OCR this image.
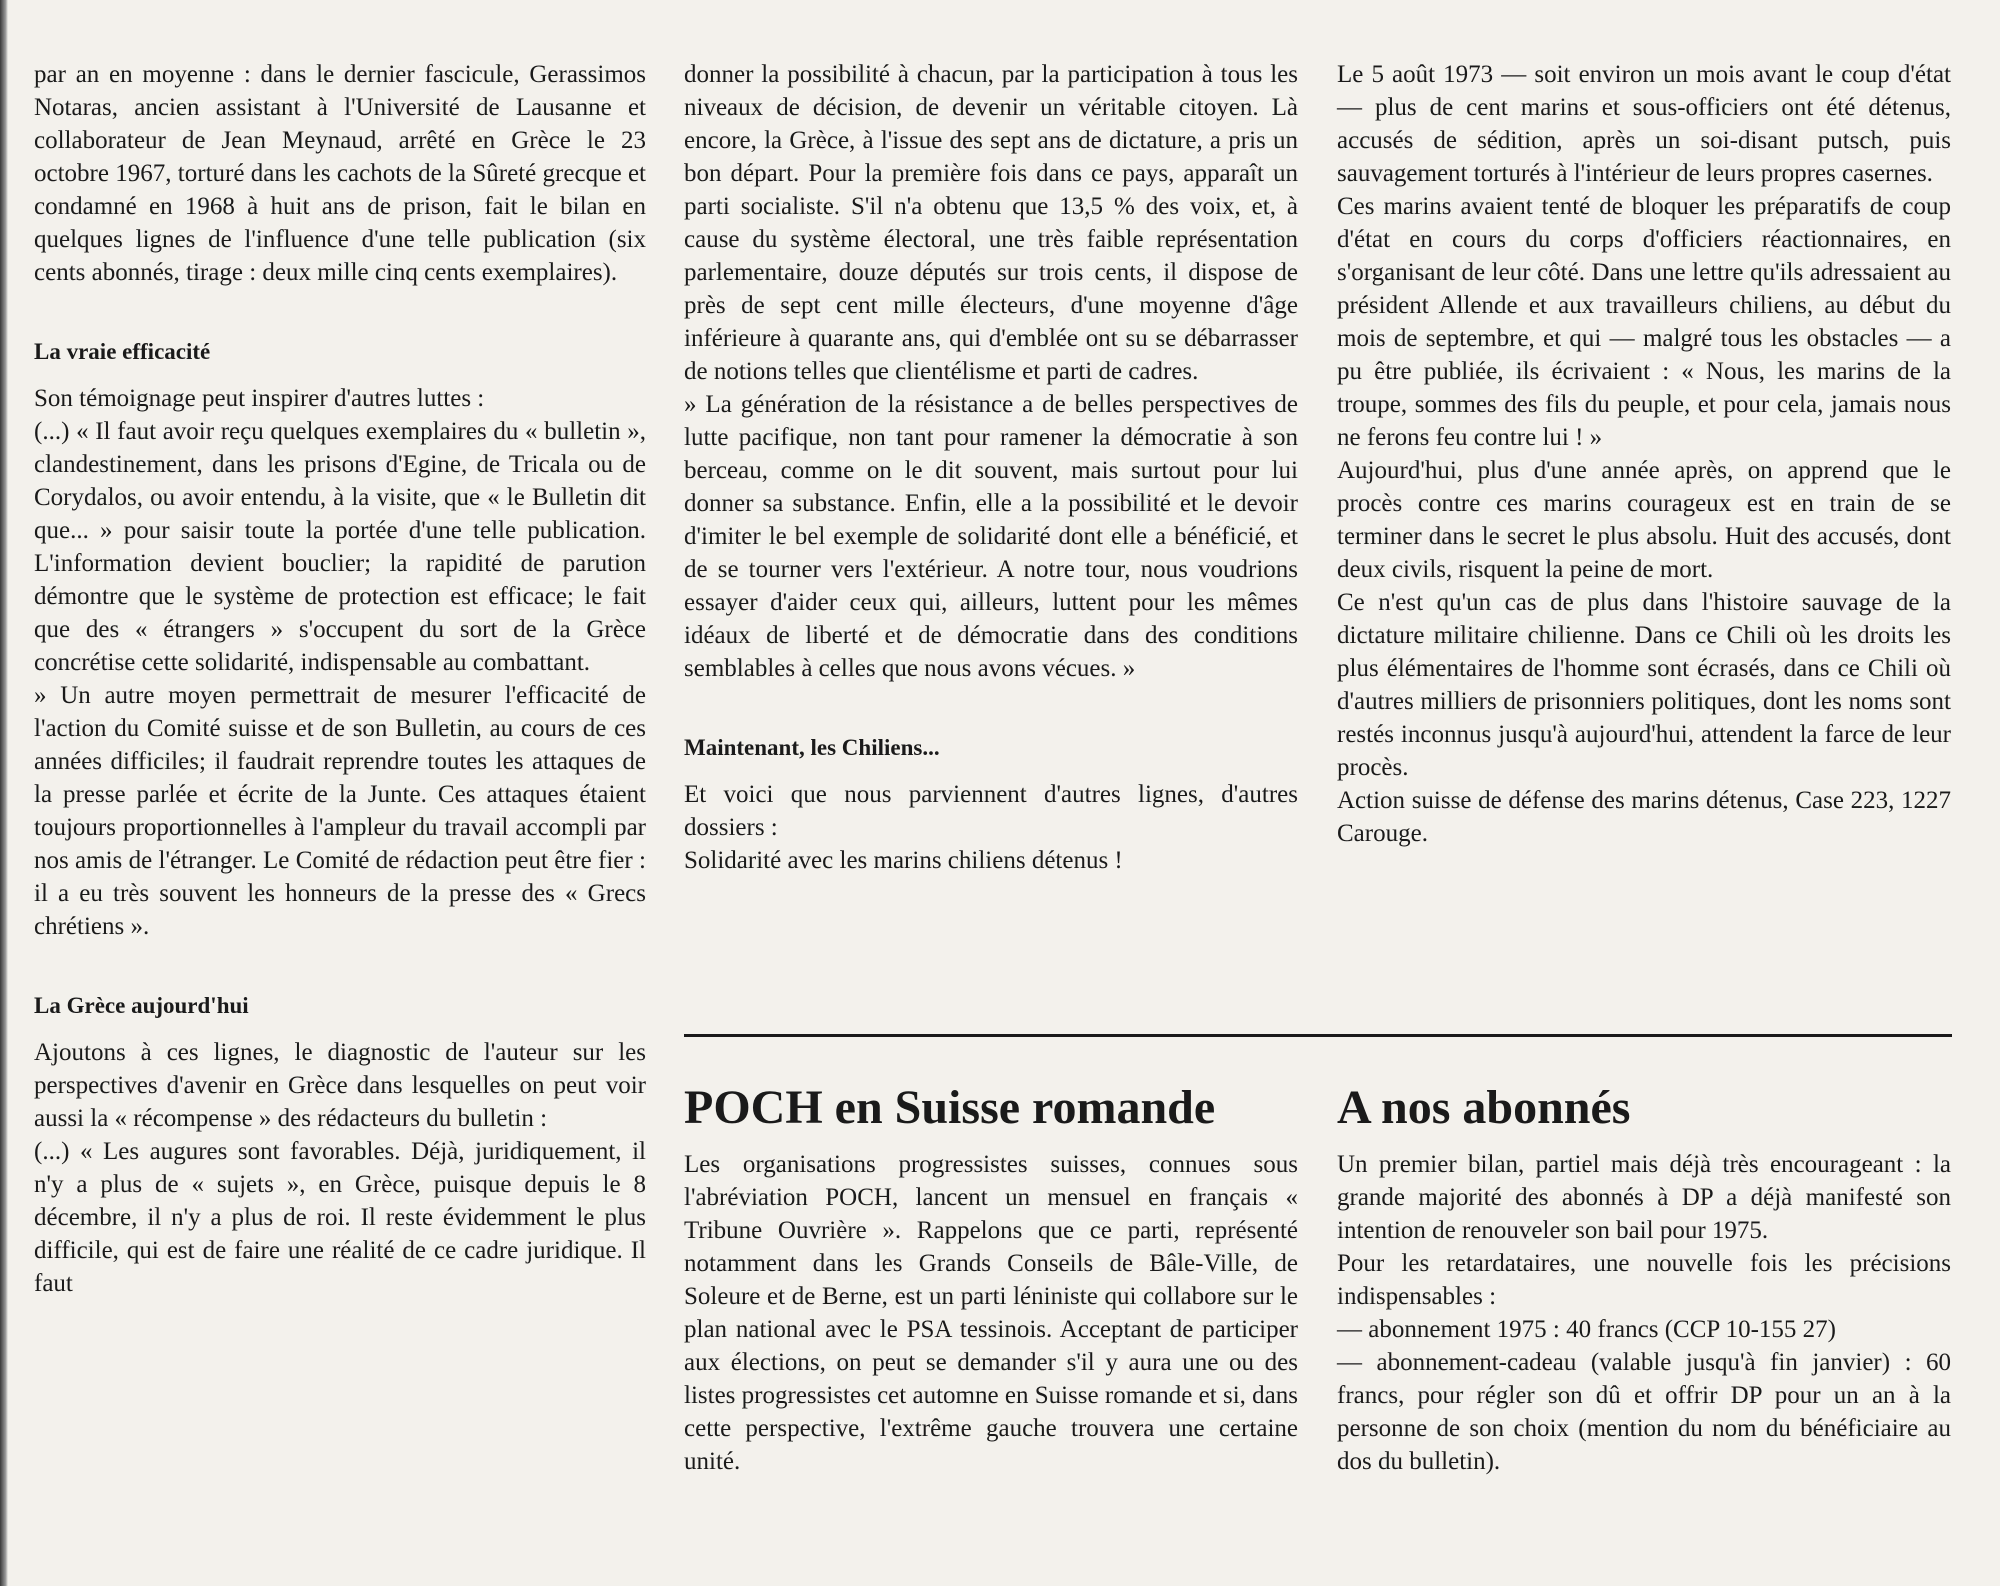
par an en moyenne : dans le dernier fascicule, Gerassimos Notaras, ancien assistant à l'Université de Lausanne et collaborateur de Jean Meynaud, arrêté en Grèce le 23 octobre 1967, torturé dans les cachots de la Sûreté grecque et condamné en 1968 à huit ans de prison, fait le bilan en quelques lignes de l'influence d'une telle publication (six cents abonnés, tirage : deux mille cinq cents exemplaires).

La vraie efficacité

Son témoignage peut inspirer d'autres luttes :

(...) « Il faut avoir reçu quelques exemplaires du « bulletin », clandestinement, dans les prisons d'Egine, de Tricala ou de Corydalos, ou avoir entendu, à la visite, que « le Bulletin dit que... » pour saisir toute la portée d'une telle publication. L'information devient bouclier; la rapidité de parution démontre que le système de protection est efficace; le fait que des « étrangers » s'occupent du sort de la Grèce concrétise cette solidarité, indispensable au combattant.

» Un autre moyen permettrait de mesurer l'efficacité de l'action du Comité suisse et de son Bulletin, au cours de ces années difficiles; il faudrait reprendre toutes les attaques de la presse parlée et écrite de la Junte. Ces attaques étaient toujours proportionnelles à l'ampleur du travail accompli par nos amis de l'étranger. Le Comité de rédaction peut être fier : il a eu très souvent les honneurs de la presse des « Grecs chrétiens ».

La Grèce aujourd'hui

Ajoutons à ces lignes, le diagnostic de l'auteur sur les perspectives d'avenir en Grèce dans lesquelles on peut voir aussi la « récompense » des rédacteurs du bulletin :

(...) « Les augures sont favorables. Déjà, juridiquement, il n'y a plus de « sujets », en Grèce, puisque depuis le 8 décembre, il n'y a plus de roi. Il reste évidemment le plus difficile, qui est de faire une réalité de ce cadre juridique. Il faut

donner la possibilité à chacun, par la participation à tous les niveaux de décision, de devenir un véritable citoyen. Là encore, la Grèce, à l'issue des sept ans de dictature, a pris un bon départ. Pour la première fois dans ce pays, apparaît un parti socialiste. S'il n'a obtenu que 13,5 % des voix, et, à cause du système électoral, une très faible représentation parlementaire, douze députés sur trois cents, il dispose de près de sept cent mille électeurs, d'une moyenne d'âge inférieure à quarante ans, qui d'emblée ont su se débarrasser de notions telles que clientélisme et parti de cadres.

» La génération de la résistance a de belles perspectives de lutte pacifique, non tant pour ramener la démocratie à son berceau, comme on le dit souvent, mais surtout pour lui donner sa substance. Enfin, elle a la possibilité et le devoir d'imiter le bel exemple de solidarité dont elle a bénéficié, et de se tourner vers l'extérieur. A notre tour, nous voudrions essayer d'aider ceux qui, ailleurs, luttent pour les mêmes idéaux de liberté et de démocratie dans des conditions semblables à celles que nous avons vécues. »

Maintenant, les Chiliens...

Et voici que nous parviennent d'autres lignes, d'autres dossiers :

Solidarité avec les marins chiliens détenus !

Le 5 août 1973 — soit environ un mois avant le coup d'état — plus de cent marins et sous-officiers ont été détenus, accusés de sédition, après un soi-disant putsch, puis sauvagement torturés à l'intérieur de leurs propres casernes.

Ces marins avaient tenté de bloquer les préparatifs de coup d'état en cours du corps d'officiers réactionnaires, en s'organisant de leur côté. Dans une lettre qu'ils adressaient au président Allende et aux travailleurs chiliens, au début du mois de septembre, et qui — malgré tous les obstacles — a pu être publiée, ils écrivaient : « Nous, les marins de la troupe, sommes des fils du peuple, et pour cela, jamais nous ne ferons feu contre lui ! »

Aujourd'hui, plus d'une année après, on apprend que le procès contre ces marins courageux est en train de se terminer dans le secret le plus absolu. Huit des accusés, dont deux civils, risquent la peine de mort.

Ce n'est qu'un cas de plus dans l'histoire sauvage de la dictature militaire chilienne. Dans ce Chili où les droits les plus élémentaires de l'homme sont écrasés, dans ce Chili où d'autres milliers de prisonniers politiques, dont les noms sont restés inconnus jusqu'à aujourd'hui, attendent la farce de leur procès.

Action suisse de défense des marins détenus, Case 223, 1227 Carouge.

POCH en Suisse romande	A nos abonnés

Les organisations progressistes suisses, connues sous l'abréviation POCH, lancent un mensuel en français « Tribune Ouvrière ». Rappelons que ce parti, représenté notamment dans les Grands Conseils de Bâle-Ville, de Soleure et de Berne, est un parti léniniste qui collabore sur le plan national avec le PSA tessinois. Acceptant de participer aux élections, on peut se demander s'il y aura une ou des listes progressistes cet automne en Suisse romande et si, dans cette perspective, l'extrême gauche trouvera une certaine unité.

Un premier bilan, partiel mais déjà très encourageant : la grande majorité des abonnés à DP a déjà manifesté son intention de renouveler son bail pour 1975.

Pour les retardataires, une nouvelle fois les précisions indispensables :

— abonnement 1975 : 40 francs (CCP 10-155 27)

— abonnement-cadeau (valable jusqu'à fin janvier) : 60 francs, pour régler son dû et offrir DP pour un an à la personne de son choix (mention du nom du bénéficiaire au dos du bulletin).
